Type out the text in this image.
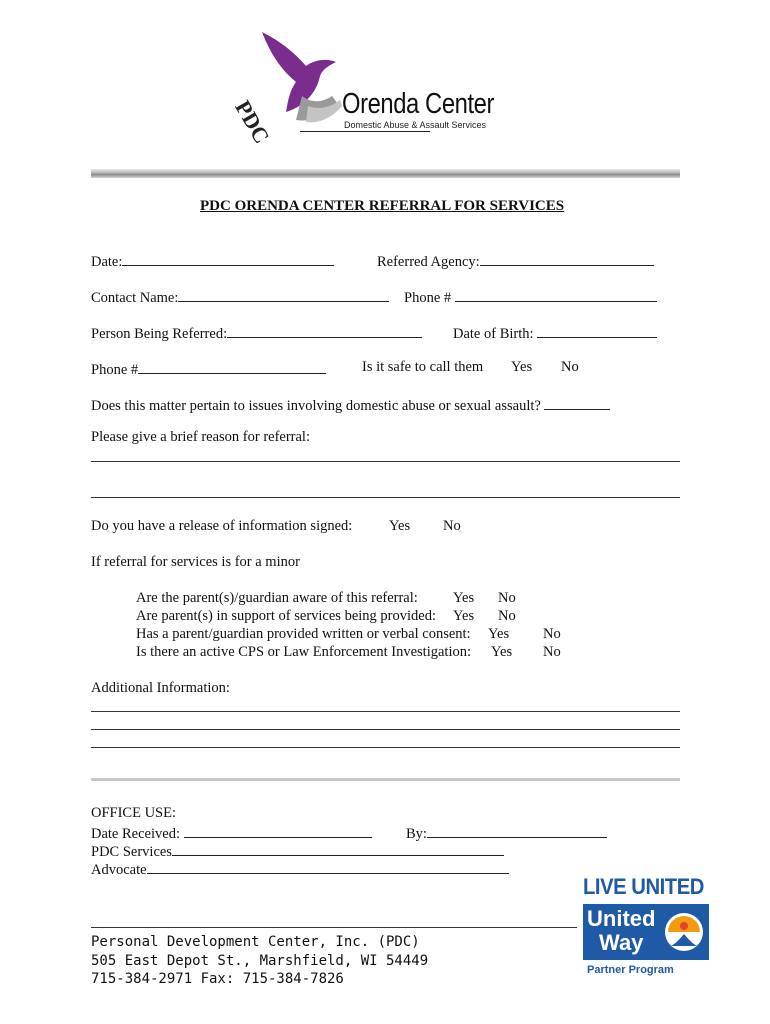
PDC Orenda Center
Domestic Abuse & Assault Services
PDC ORENDA CENTER REFERRAL FOR SERVICES
Date:	Referred Agency:
Contact Name:	Phone #
Person Being Referred:	Date of Birth:
Phone #	Is it safe to call them Yes No
Does this matter pertain to issues involving domestic abuse or sexual assault?
Please give a brief reason for referral:
Do you have a release of information signed:	Yes No
If referral for services is for a minor
Are the parent(s)/guardian aware of this referral: Yes No
Are parent(s) in support of services being provided: Yes No
Has a parent/guardian provided written or verbal consent: Yes No
Is there an active CPS or Law Enforcement Investigation: Yes No
Additional Information:
OFFICE USE:
Date Received:	By:
PDC Services
Advocate
Personal Development Center, Inc. (PDC)
505 East Depot St., Marshfield, WI 54449
715-384-2971 Fax: 715-384-7826
LIVE UNITED
United
Way
Partner Program
